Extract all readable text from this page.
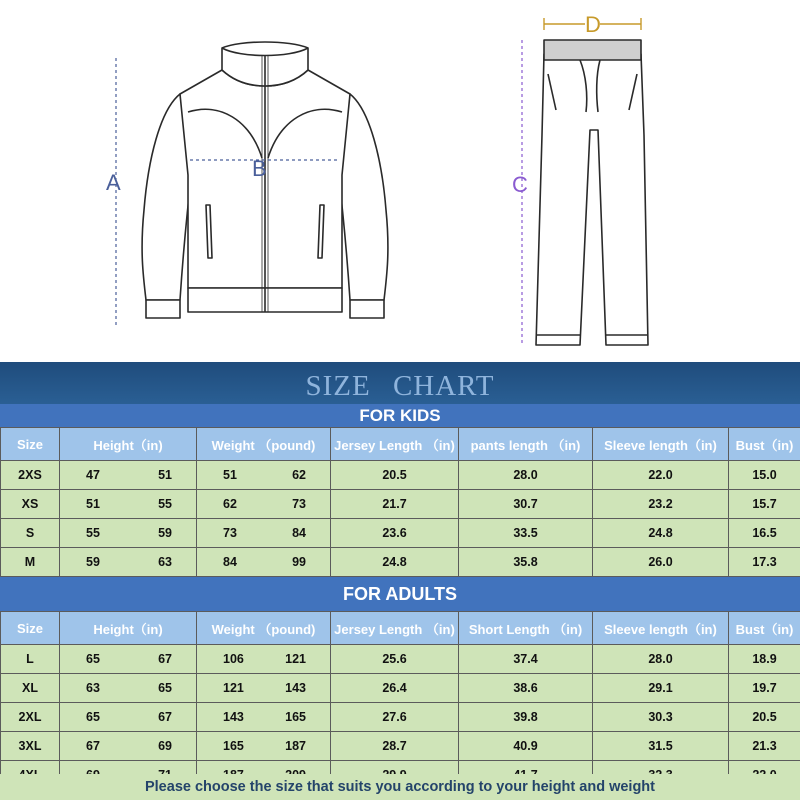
A
B
C
D
SIZE CHART
FOR KIDS
Size	Height（in)	Weight （pound)	Jersey Length （in)	pants length （in)	Sleeve length（in)	Bust（in)
2XS	47 51	51 62	20.5	28.0	22.0	15.0
XS	51 55	62 73	21.7	30.7	23.2	15.7
S	55 59	73 84	23.6	33.5	24.8	16.5
M	59 63	84 99	24.8	35.8	26.0	17.3
FOR ADULTS
Size	Height（in)	Weight （pound)	Jersey Length （in)	Short Length （in)	Sleeve length（in)	Bust（in)
L	65 67	106 121	25.6	37.4	28.0	18.9
XL	63 65	121 143	26.4	38.6	29.1	19.7
2XL	65 67	143 165	27.6	39.8	30.3	20.5
3XL	67 69	165 187	28.7	40.9	31.5	21.3

Please choose the size that suits you according to your height and weight
